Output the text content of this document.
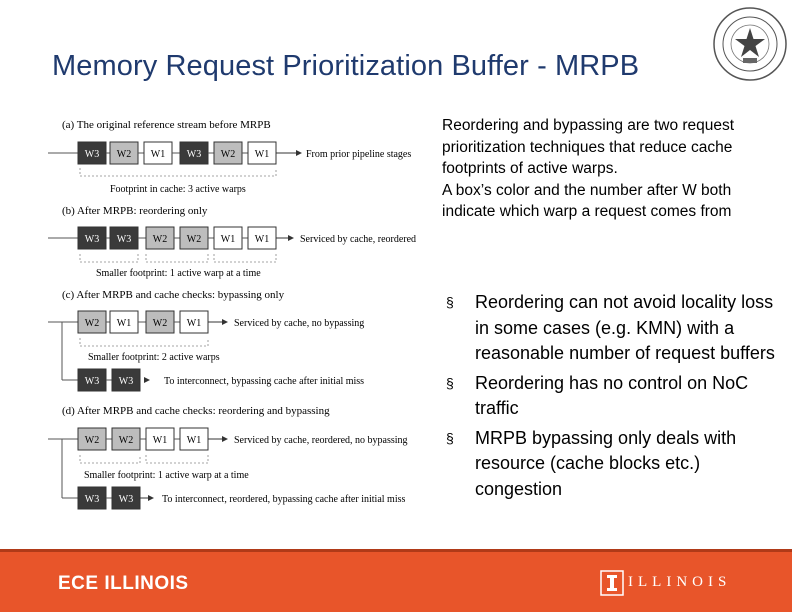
Memory Request Prioritization Buffer - MRPB
(a) The original reference stream before MRPB
W3 W2 W1 W3 W2 W1	From prior pipeline stages
Footprint in cache: 3 active warps
(b) After MRPB: reordering only
W3 W3 W2 W2 W1 W1	Serviced by cache, reordered
Smaller footprint: 1 active warp at a time
(c) After MRPB and cache checks: bypassing only
W2 W1 W2 W1	Serviced by cache, no bypassing
Smaller footprint: 2 active warps
W3 W3	To interconnect, bypassing cache after initial miss
(d) After MRPB and cache checks: reordering and bypassing
W2 W2 W1 W1	Serviced by cache, reordered, no bypassing
Smaller footprint: 1 active warp at a time
W3 W3	To interconnect, reordered, bypassing cache after initial miss

Reordering and bypassing are two request prioritization techniques that reduce cache footprints of active warps.

A box’s color and the number after W both indicate which warp a request comes from

§ Reordering can not avoid locality loss in some cases (e.g. KMN) with a reasonable number of request buffers
§ Reordering has no control on NoC traffic
§ MRPB bypassing only deals with resource (cache blocks etc.) congestion
ECE ILLINOIS	ILLINOIS
